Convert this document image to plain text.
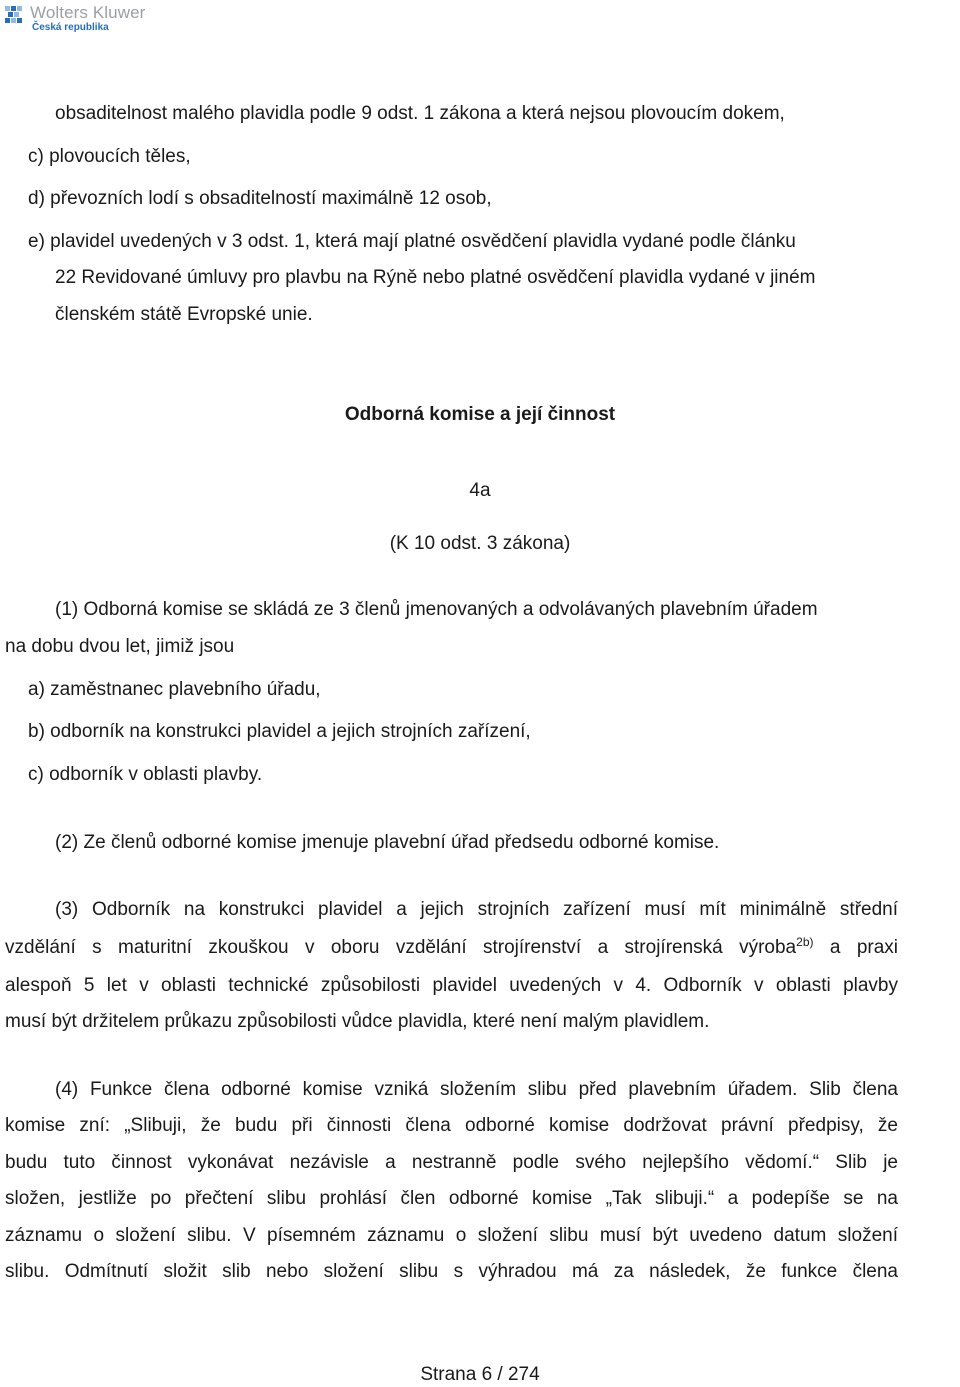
Wolters Kluwer
Česká republika
obsaditelnost malého plavidla podle 9 odst. 1 zákona a která nejsou plovoucím dokem,
c) plovoucích těles,
d) převozních lodí s obsaditelností maximálně 12 osob,
e) plavidel uvedených v 3 odst. 1, která mají platné osvědčení plavidla vydané podle článku
22 Revidované úmluvy pro plavbu na Rýně nebo platné osvědčení plavidla vydané v jiném
členském státě Evropské unie.
Odborná komise a její činnost
4a
(K 10 odst. 3 zákona)
(1) Odborná komise se skládá ze 3 členů jmenovaných a odvolávaných plavebním úřadem
na dobu dvou let, jimiž jsou
a) zaměstnanec plavebního úřadu,
b) odborník na konstrukci plavidel a jejich strojních zařízení,
c) odborník v oblasti plavby.
(2) Ze členů odborné komise jmenuje plavební úřad předsedu odborné komise.
(3) Odborník na konstrukci plavidel a jejich strojních zařízení musí mít minimálně střední
vzdělání s maturitní zkouškou v oboru vzdělání strojírenství a strojírenská výroba$^{2b)}$ a praxi
alespoň 5 let v oblasti technické způsobilosti plavidel uvedených v 4. Odborník v oblasti plavby
musí být držitelem průkazu způsobilosti vůdce plavidla, které není malým plavidlem.
(4) Funkce člena odborné komise vzniká složením slibu před plavebním úřadem. Slib člena
komise zní: „Slibuji, že budu při činnosti člena odborné komise dodržovat právní předpisy, že
budu tuto činnost vykonávat nezávisle a nestranně podle svého nejlepšího vědomí.“ Slib je
složen, jestliže po přečtení slibu prohlásí člen odborné komise „Tak slibuji.“ a podepíše se na
záznamu o složení slibu. V písemném záznamu o složení slibu musí být uvedeno datum složení
slibu. Odmítnutí složit slib nebo složení slibu s výhradou má za následek, že funkce člena
Strana 6 / 274
